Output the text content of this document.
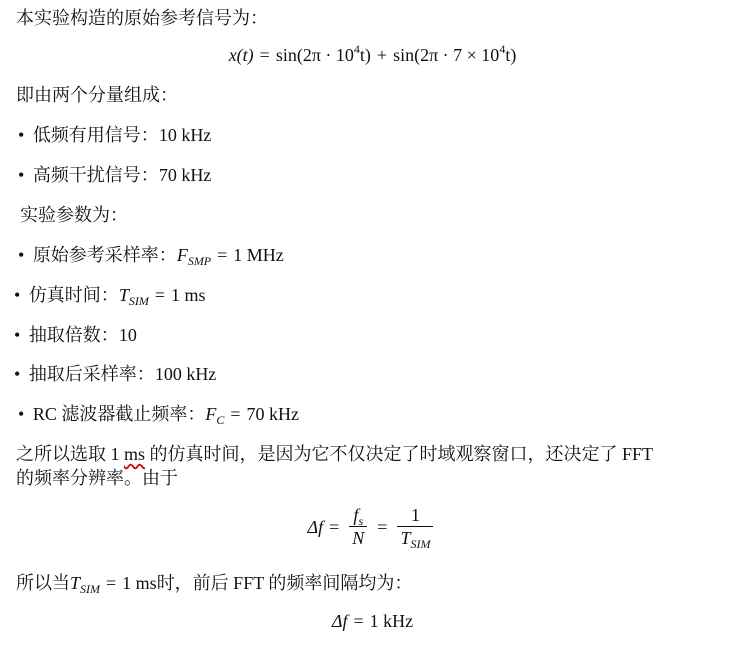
本实验构造的原始参考信号为：
$x(t) = \sin(2\pi \cdot 10^4t) + \sin(2\pi \cdot 7 \times 10^4t)$
即由两个分量组成：
• 低频有用信号：10 kHz
• 高频干扰信号：70 kHz
实验参数为：
• 原始参考采样率：$F_{SMP} = 1$ MHz
• 仿真时间：$T_{SIM} = 1$ ms
• 抽取倍数：10
• 抽取后采样率：100 kHz
• RC 滤波器截止频率：$F_C = 70$ kHz
之所以选取 1 ms 的仿真时间，是因为它不仅决定了时域观察窗口，还决定了 FFT
的频率分辨率。由于
$\Delta f = \frac{f_s}{N} = \frac{1}{T_{SIM}}$
所以当$T_{SIM} = 1$ ms时，前后 FFT 的频率间隔均为：
Δf = 1 kHz
